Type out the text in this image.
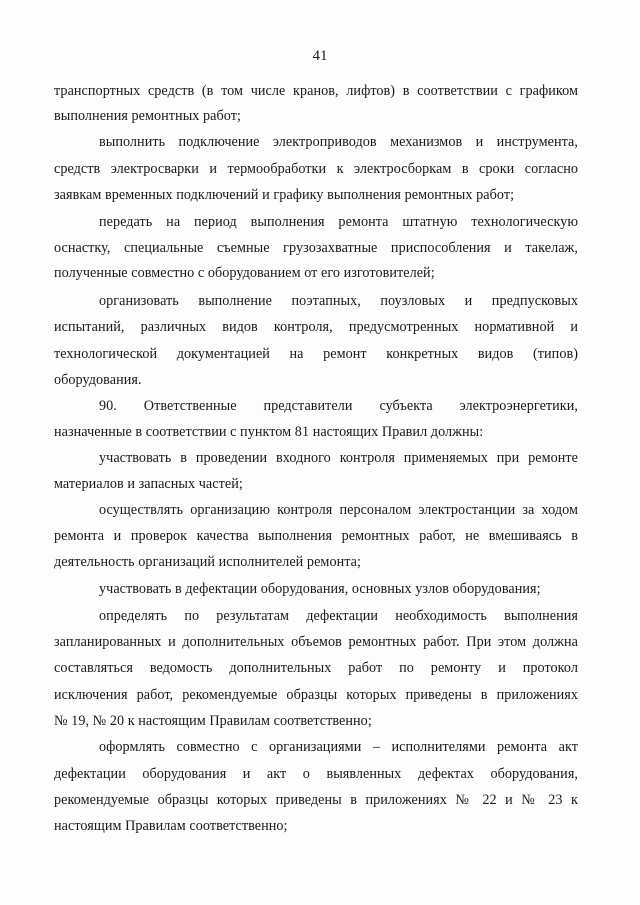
41
транспортных средств (в том числе кранов, лифтов) в соответствии с графиком
выполнения ремонтных работ;
выполнить подключение электроприводов механизмов и инструмента,
средств электросварки и термообработки к электросборкам в сроки согласно
заявкам временных подключений и графику выполнения ремонтных работ;
передать на период выполнения ремонта штатную технологическую
оснастку, специальные съемные грузозахватные приспособления и такелаж,
полученные совместно с оборудованием от его изготовителей;
организовать выполнение поэтапных, поузловых и предпусковых
испытаний, различных видов контроля, предусмотренных нормативной и
технологической документацией на ремонт конкретных видов (типов)
оборудования.
90. Ответственные представители субъекта электроэнергетики,
назначенные в соответствии с пунктом 81 настоящих Правил должны:
участвовать в проведении входного контроля применяемых при ремонте
материалов и запасных частей;
осуществлять организацию контроля персоналом электростанции за ходом
ремонта и проверок качества выполнения ремонтных работ, не вмешиваясь в
деятельность организаций исполнителей ремонта;
участвовать в дефектации оборудования, основных узлов оборудования;
определять по результатам дефектации необходимость выполнения
запланированных и дополнительных объемов ремонтных работ. При этом должна
составляться ведомость дополнительных работ по ремонту и протокол
исключения работ, рекомендуемые образцы которых приведены в приложениях
№ 19, № 20 к настоящим Правилам соответственно;
оформлять совместно с организациями – исполнителями ремонта акт
дефектации оборудования и акт о выявленных дефектах оборудования,
рекомендуемые образцы которых приведены в приложениях № 22 и № 23 к
настоящим Правилам соответственно;
